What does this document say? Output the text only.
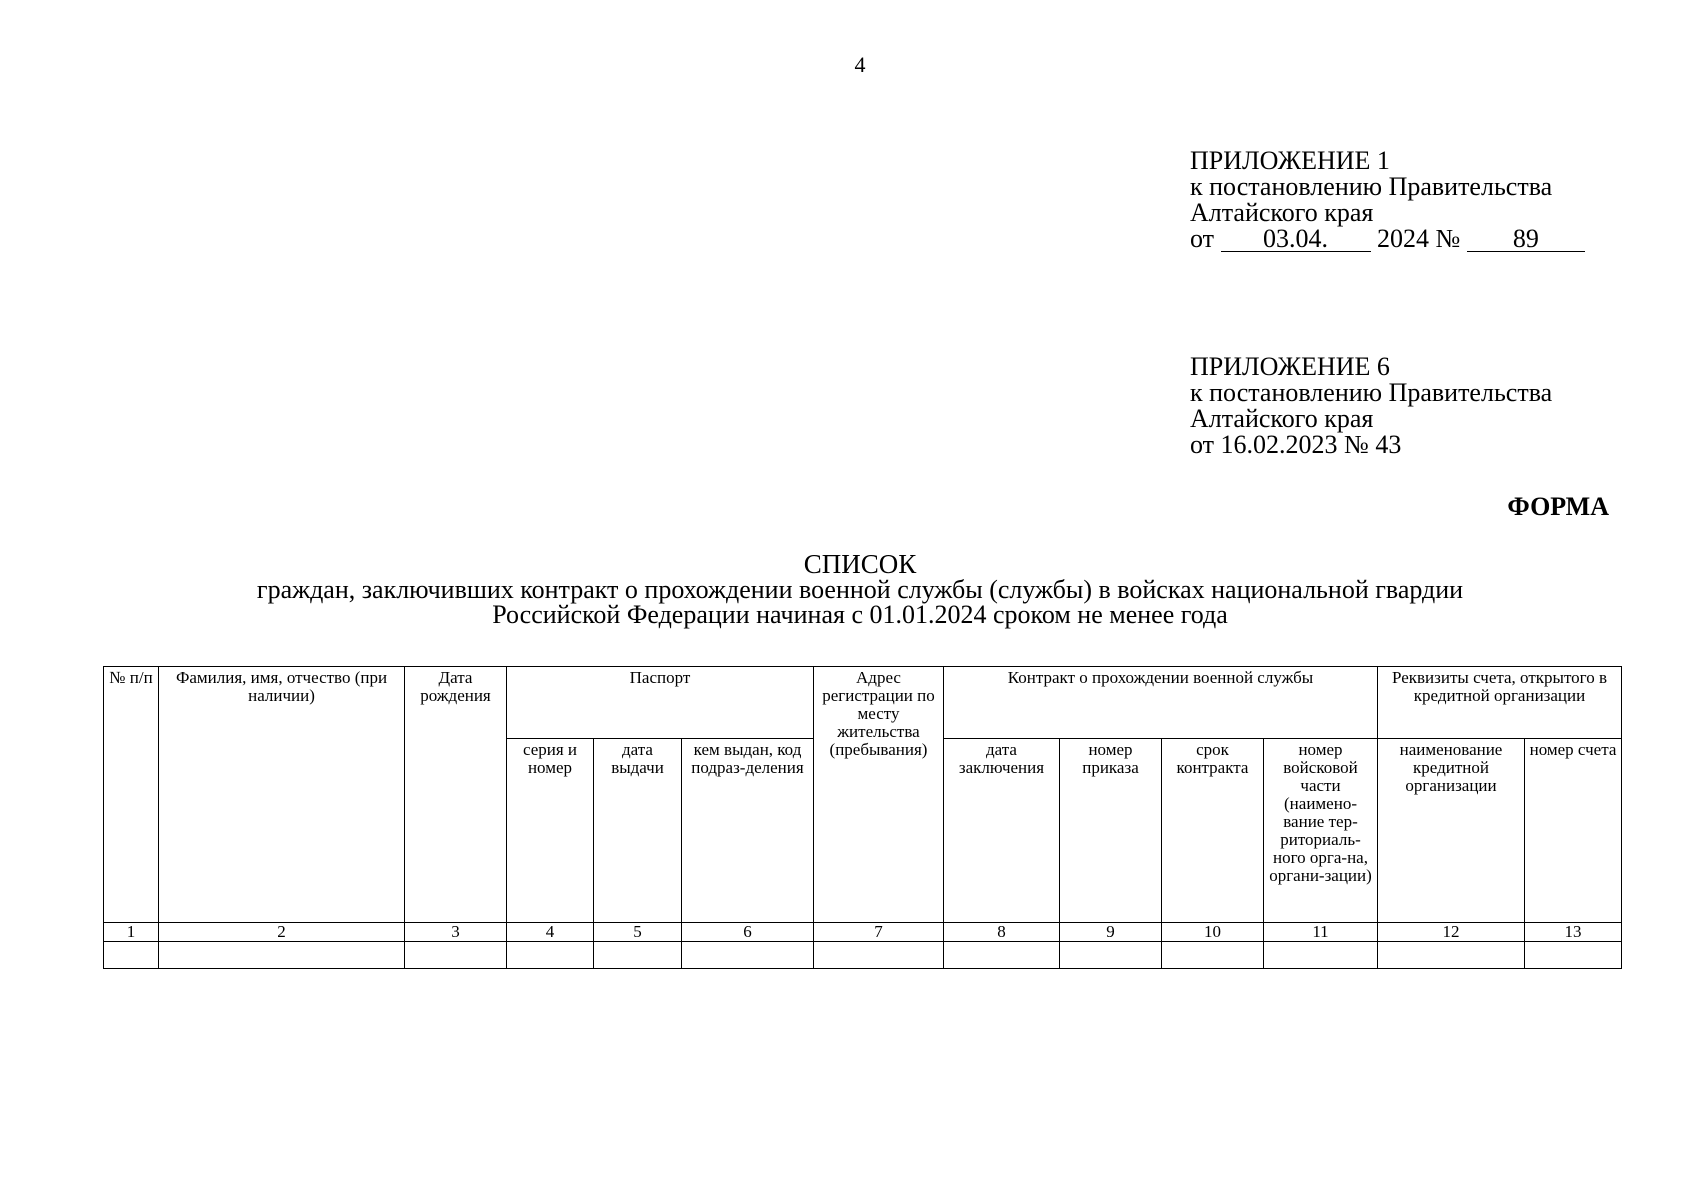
4
ПРИЛОЖЕНИЕ 1
к постановлению Правительства
Алтайского края
от 03.04. 2024 № 89
ПРИЛОЖЕНИЕ 6
к постановлению Правительства
Алтайского края
от 16.02.2023 № 43
ФОРМА
СПИСОК
граждан, заключивших контракт о прохождении военной службы (службы) в войсках национальной гвардии
Российской Федерации начиная с 01.01.2024 сроком не менее года
№ п/п	Фамилия, имя, отчество (при наличии)	Дата рождения	Паспорт			Адрес регистрации по месту жительства (пребывания)	Контракт о прохождении военной службы				Реквизиты счета, открытого в кредитной организации	
			серия и номер	дата выдачи	кем выдан, код подраз-деления		дата заключения	номер приказа	срок контракта	номер войсковой части (наимено-вание тер-риториаль-ного орга-на, органи-зации)	наименование кредитной организации	номер счета
1	2	3	4	5	6	7	8	9	10	11	12	13
